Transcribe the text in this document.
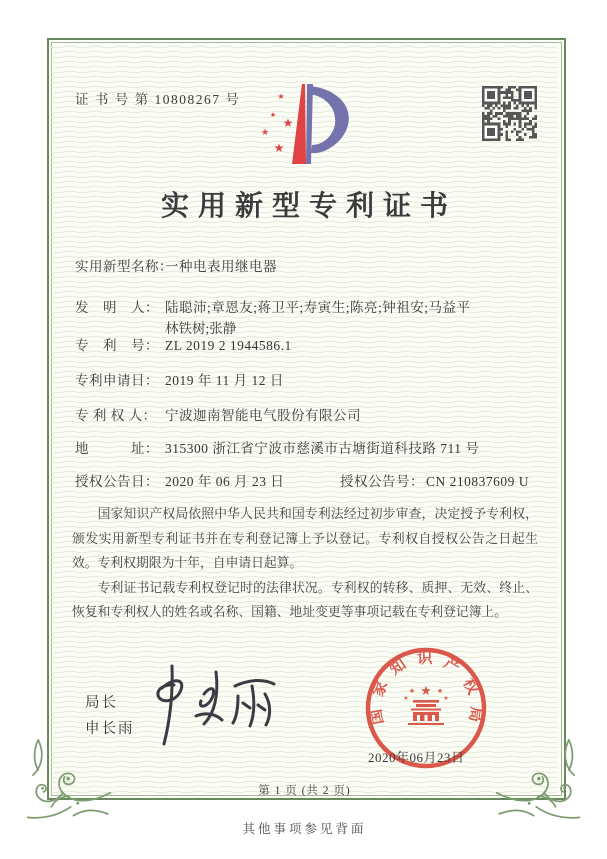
证 书 号 第 10808267 号	★
★
★
★
★
实用新型专利证书
实用新型名称：一种电表用继电器
发　明　人： 陆聪沛;章恩友;蒋卫平;寿寅生;陈亮;钟祖安;马益平
林铁树;张静
专　利　号： ZL 2019 2 1944586.1
专利申请日： 2019 年 11 月 12 日
专 利 权 人： 宁波迦南智能电气股份有限公司
地　　　址： 315300 浙江省宁波市慈溪市古塘街道科技路 711 号
授权公告日： 2020 年 06 月 23 日	授权公告号： CN 210837609 U

国家知识产权局依照中华人民共和国专利法经过初步审查，决定授予专利权，颁发实用新型专利证书并在专利登记簿上予以登记。专利权自授权公告之日起生效。专利权期限为十年，自申请日起算。

专利证书记载专利权登记时的法律状况。专利权的转移、质押、无效、终止、恢复和专利权人的姓名或名称、国籍、地址变更等事项记载在专利登记簿上。

局长
申长雨
国家知识产权局
★
★	★
★	★
2020年06月23日
第 1 页 (共 2 页)
其他事项参见背面
